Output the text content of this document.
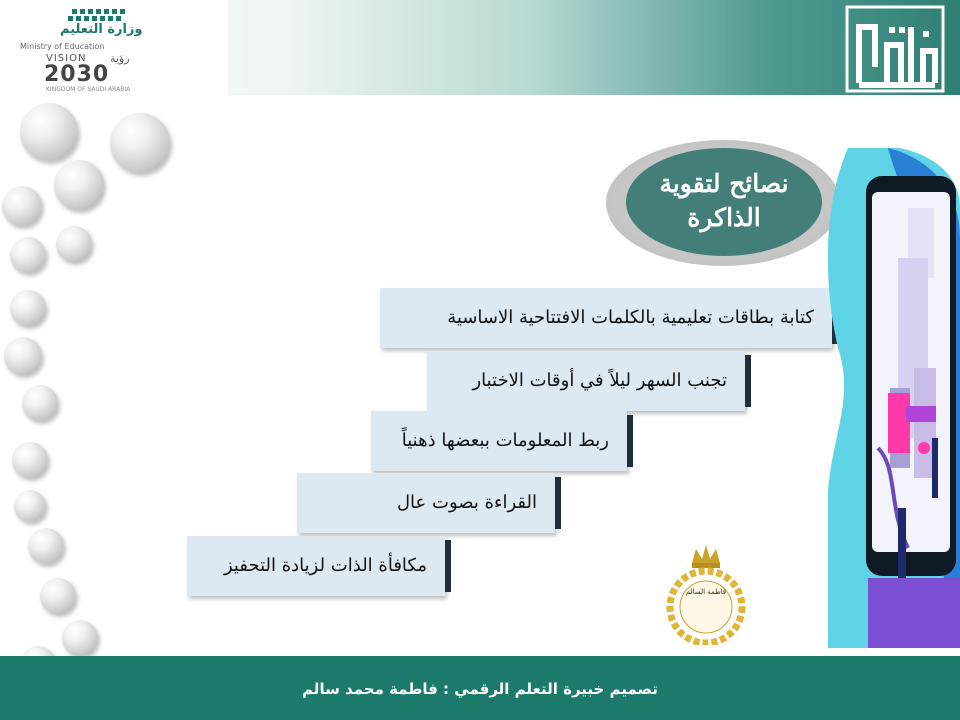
وزارة التعليم
Ministry of Education
VISION رؤية
2030
KINGDOM OF SAUDI ARABIA
نصائح لتقوية
الذاكرة
كتابة بطاقات تعليمية بالكلمات الافتتاحية الاساسية
تجنب السهر ليلاً في أوقات الاختبار
ربط المعلومات ببعضها ذهنياً
القراءة بصوت عال
مكافأة الذات لزيادة التحفيز
فاطمة السالم
تصميم خبيرة التعلم الرقمي : فاطمة محمد سالم
